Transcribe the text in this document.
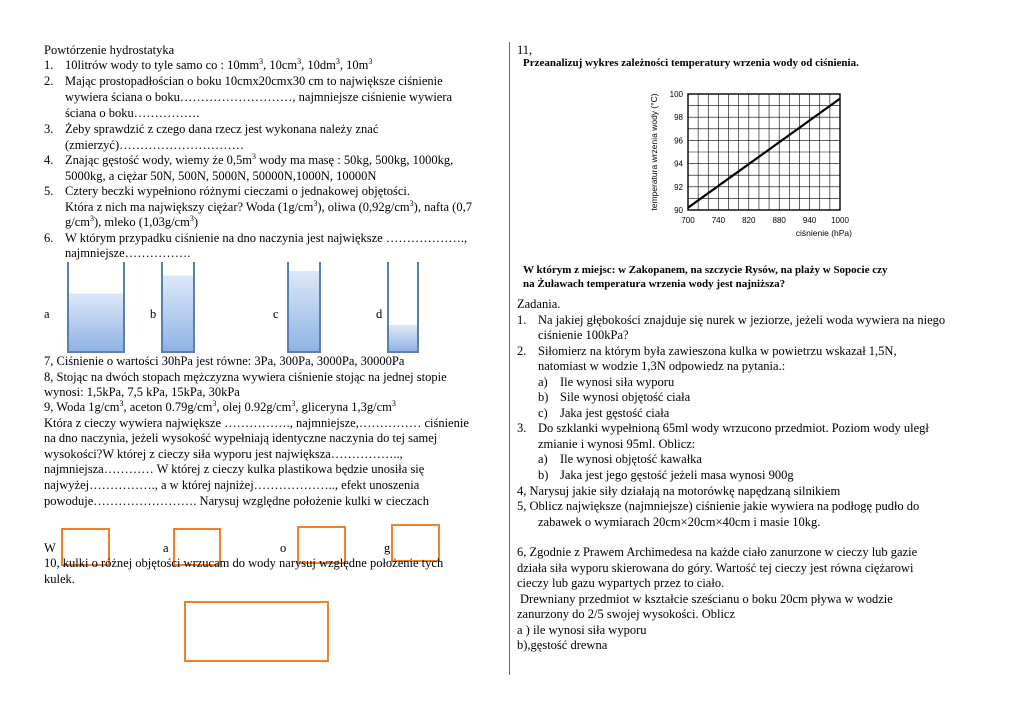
Powtórzenie hydrostatyka
1. 10litrów wody to tyle samo co : $10mm^3$, $10cm^3$, $10dm^3$, $10m^3$
2. Mając prostopadłościan o boku 10cmx20cmx30 cm to największe ciśnienie
wywiera ściana o boku………………………, najmniejsze ciśnienie wywiera
ściana o boku…………….
3. Żeby sprawdzić z czego dana rzecz jest wykonana należy znać
(zmierzyć)…………………………
4. Znając gęstość wody, wiemy że $0,5m^3$ wody ma masę : 50kg, 500kg, 1000kg,
5000kg, a ciężar 50N, 500N, 5000N, 50000N,1000N, 10000N
5. Cztery beczki wypełniono różnymi cieczami o jednakowej objętości.
Która z nich ma największy ciężar? Woda $(1g/cm^3)$, oliwa $(0,92g/cm^3)$, nafta (0,7
$g/cm^3$), mleko $(1,03g/cm^3)$
6. W którym przypadku ciśnienie na dno naczynia jest największe ……………….,
najmniejsze…………….
a	b	c	d
7, Ciśnienie o wartości 30hPa jest równe: 3Pa, 300Pa, 3000Pa, 30000Pa
8, Stojąc na dwóch stopach mężczyzna wywiera ciśnienie stojąc na jednej stopie
wynosi: 1,5kPa, 7,5 kPa, 15kPa, 30kPa
9, Woda $1g/cm^3$, aceton $0.79g/cm^3$, olej $0.92g/cm^3$, gliceryna $1,3g/cm^3$
Która z cieczy wywiera największe ……………., najmniejsze,…………… ciśnienie
na dno naczynia, jeżeli wysokość wypełniają identyczne naczynia do tej samej
wysokości?W której z cieczy siła wyporu jest największa……………..,
najmniejsza………… W której z cieczy kulka plastikowa będzie unosiła się
najwyżej……………., a w której najniżej……………….., efekt unoszenia
powoduje……………………. Narysuj względne położenie kulki w cieczach
W	a	o	g
10, kulki o różnej objętości wrzucam do wody narysuj względne położenie tych
kulek.
11,
Przeanalizuj wykres zależności temperatury wrzenia wody od ciśnienia.
700 740 820 880 940 1000
90
92
94
96
98
100
ciśnienie (hPa)
temperatura wrzenia wody (°C)
W którym z miejsc: w Zakopanem, na szczycie Rysów, na plaży w Sopocie czy
na Żuławach temperatura wrzenia wody jest najniższa?
Zadania.
1. Na jakiej głębokości znajduje się nurek w jeziorze, jeżeli woda wywiera na niego
ciśnienie 100kPa?
2. Siłomierz na którym była zawieszona kulka w powietrzu wskazał 1,5N,
natomiast w wodzie 1,3N odpowiedz na pytania.:
a) Ile wynosi siła wyporu
b) Sile wynosi objętość ciała
c) Jaka jest gęstość ciała
3. Do szklanki wypełnioną 65ml wody wrzucono przedmiot. Poziom wody uległ
zmianie i wynosi 95ml. Oblicz:
a) Ile wynosi objętość kawałka
b) Jaka jest jego gęstość jeżeli masa wynosi 900g
4, Narysuj jakie siły działają na motorówkę napędzaną silnikiem
5, Oblicz największe (najmniejsze) ciśnienie jakie wywiera na podłogę pudło do
zabawek o wymiarach 20cm×20cm×40cm i masie 10kg.
6, Zgodnie z Prawem Archimedesa na każde ciało zanurzone w cieczy lub gazie
działa siła wyporu skierowana do góry. Wartość tej cieczy jest równa ciężarowi
cieczy lub gazu wypartych przez to ciało.
Drewniany przedmiot w kształcie sześcianu o boku 20cm pływa w wodzie
zanurzony do 2/5 swojej wysokości. Oblicz
a ) ile wynosi siła wyporu
b),gęstość drewna
